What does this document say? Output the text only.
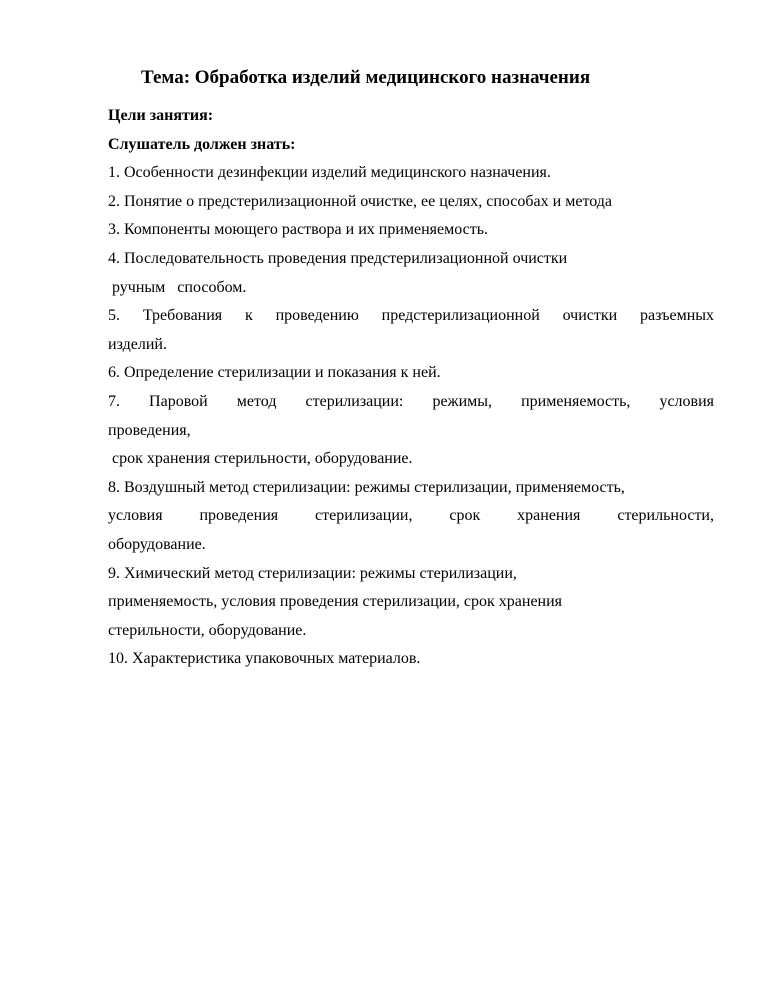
Тема: Обработка изделий медицинского назначения
Цели занятия:
Слушатель должен знать:
1. Особенности дезинфекции изделий медицинского назначения.
2. Понятие о предстерилизационной очистке, ее целях, способах и метода
3. Компоненты моющего раствора и их применяемость.
4. Последовательность проведения предстерилизационной очистки
ручным   способом.
5. Требования к проведению предстерилизационной очистки разъемных
изделий.
6. Определение стерилизации и показания к ней.
7. Паровой метод стерилизации: режимы, применяемость, условия
проведения,
срок хранения стерильности, оборудование.
8. Воздушный метод стерилизации: режимы стерилизации, применяемость,
условия проведения стерилизации, срок хранения стерильности,
оборудование.
9. Химический метод стерилизации: режимы стерилизации,
применяемость, условия проведения стерилизации, срок хранения
стерильности, оборудование.
10. Характеристика упаковочных материалов.
